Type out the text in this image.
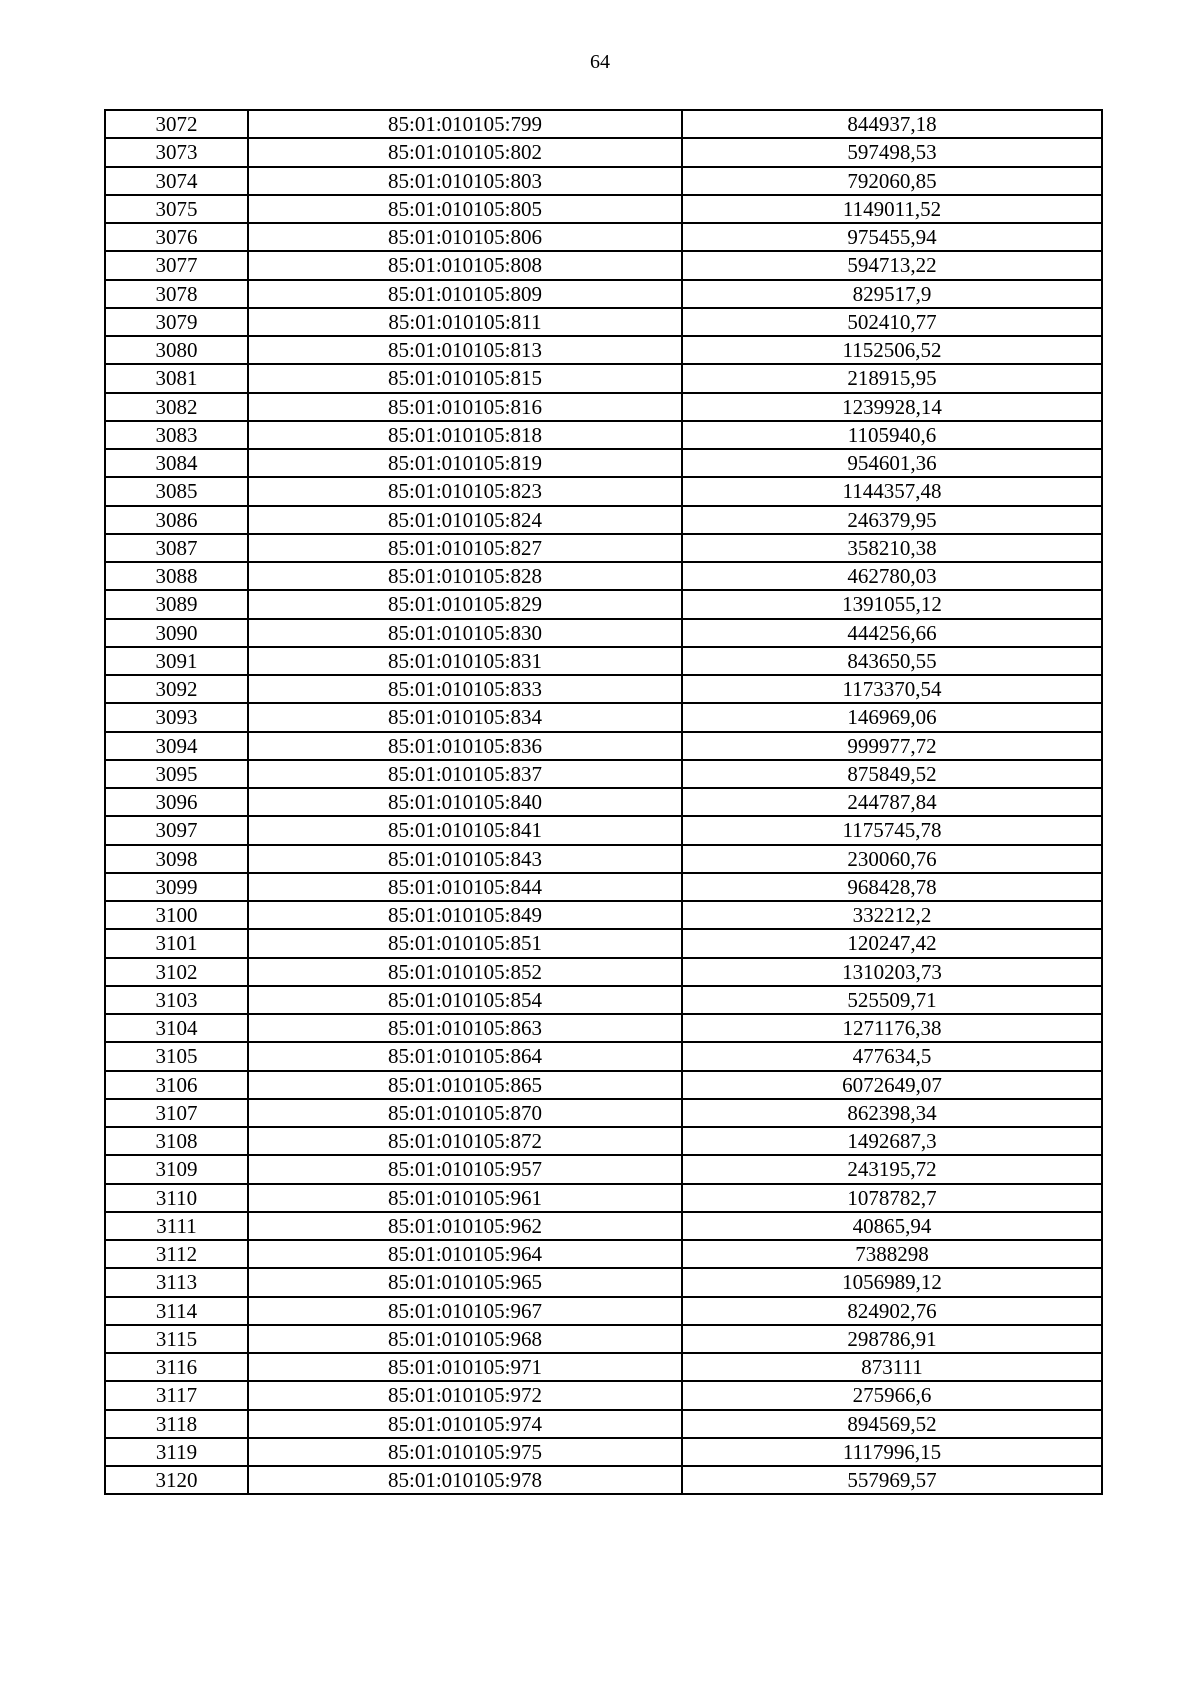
64
3072	85:01:010105:799	844937,18
3073	85:01:010105:802	597498,53
3074	85:01:010105:803	792060,85
3075	85:01:010105:805	1149011,52
3076	85:01:010105:806	975455,94
3077	85:01:010105:808	594713,22
3078	85:01:010105:809	829517,9
3079	85:01:010105:811	502410,77
3080	85:01:010105:813	1152506,52
3081	85:01:010105:815	218915,95
3082	85:01:010105:816	1239928,14
3083	85:01:010105:818	1105940,6
3084	85:01:010105:819	954601,36
3085	85:01:010105:823	1144357,48
3086	85:01:010105:824	246379,95
3087	85:01:010105:827	358210,38
3088	85:01:010105:828	462780,03
3089	85:01:010105:829	1391055,12
3090	85:01:010105:830	444256,66
3091	85:01:010105:831	843650,55
3092	85:01:010105:833	1173370,54
3093	85:01:010105:834	146969,06
3094	85:01:010105:836	999977,72
3095	85:01:010105:837	875849,52
3096	85:01:010105:840	244787,84
3097	85:01:010105:841	1175745,78
3098	85:01:010105:843	230060,76
3099	85:01:010105:844	968428,78
3100	85:01:010105:849	332212,2
3101	85:01:010105:851	120247,42
3102	85:01:010105:852	1310203,73
3103	85:01:010105:854	525509,71
3104	85:01:010105:863	1271176,38
3105	85:01:010105:864	477634,5
3106	85:01:010105:865	6072649,07
3107	85:01:010105:870	862398,34
3108	85:01:010105:872	1492687,3
3109	85:01:010105:957	243195,72
3110	85:01:010105:961	1078782,7
3111	85:01:010105:962	40865,94
3112	85:01:010105:964	7388298
3113	85:01:010105:965	1056989,12
3114	85:01:010105:967	824902,76
3115	85:01:010105:968	298786,91
3116	85:01:010105:971	873111
3117	85:01:010105:972	275966,6
3118	85:01:010105:974	894569,52
3119	85:01:010105:975	1117996,15
3120	85:01:010105:978	557969,57
